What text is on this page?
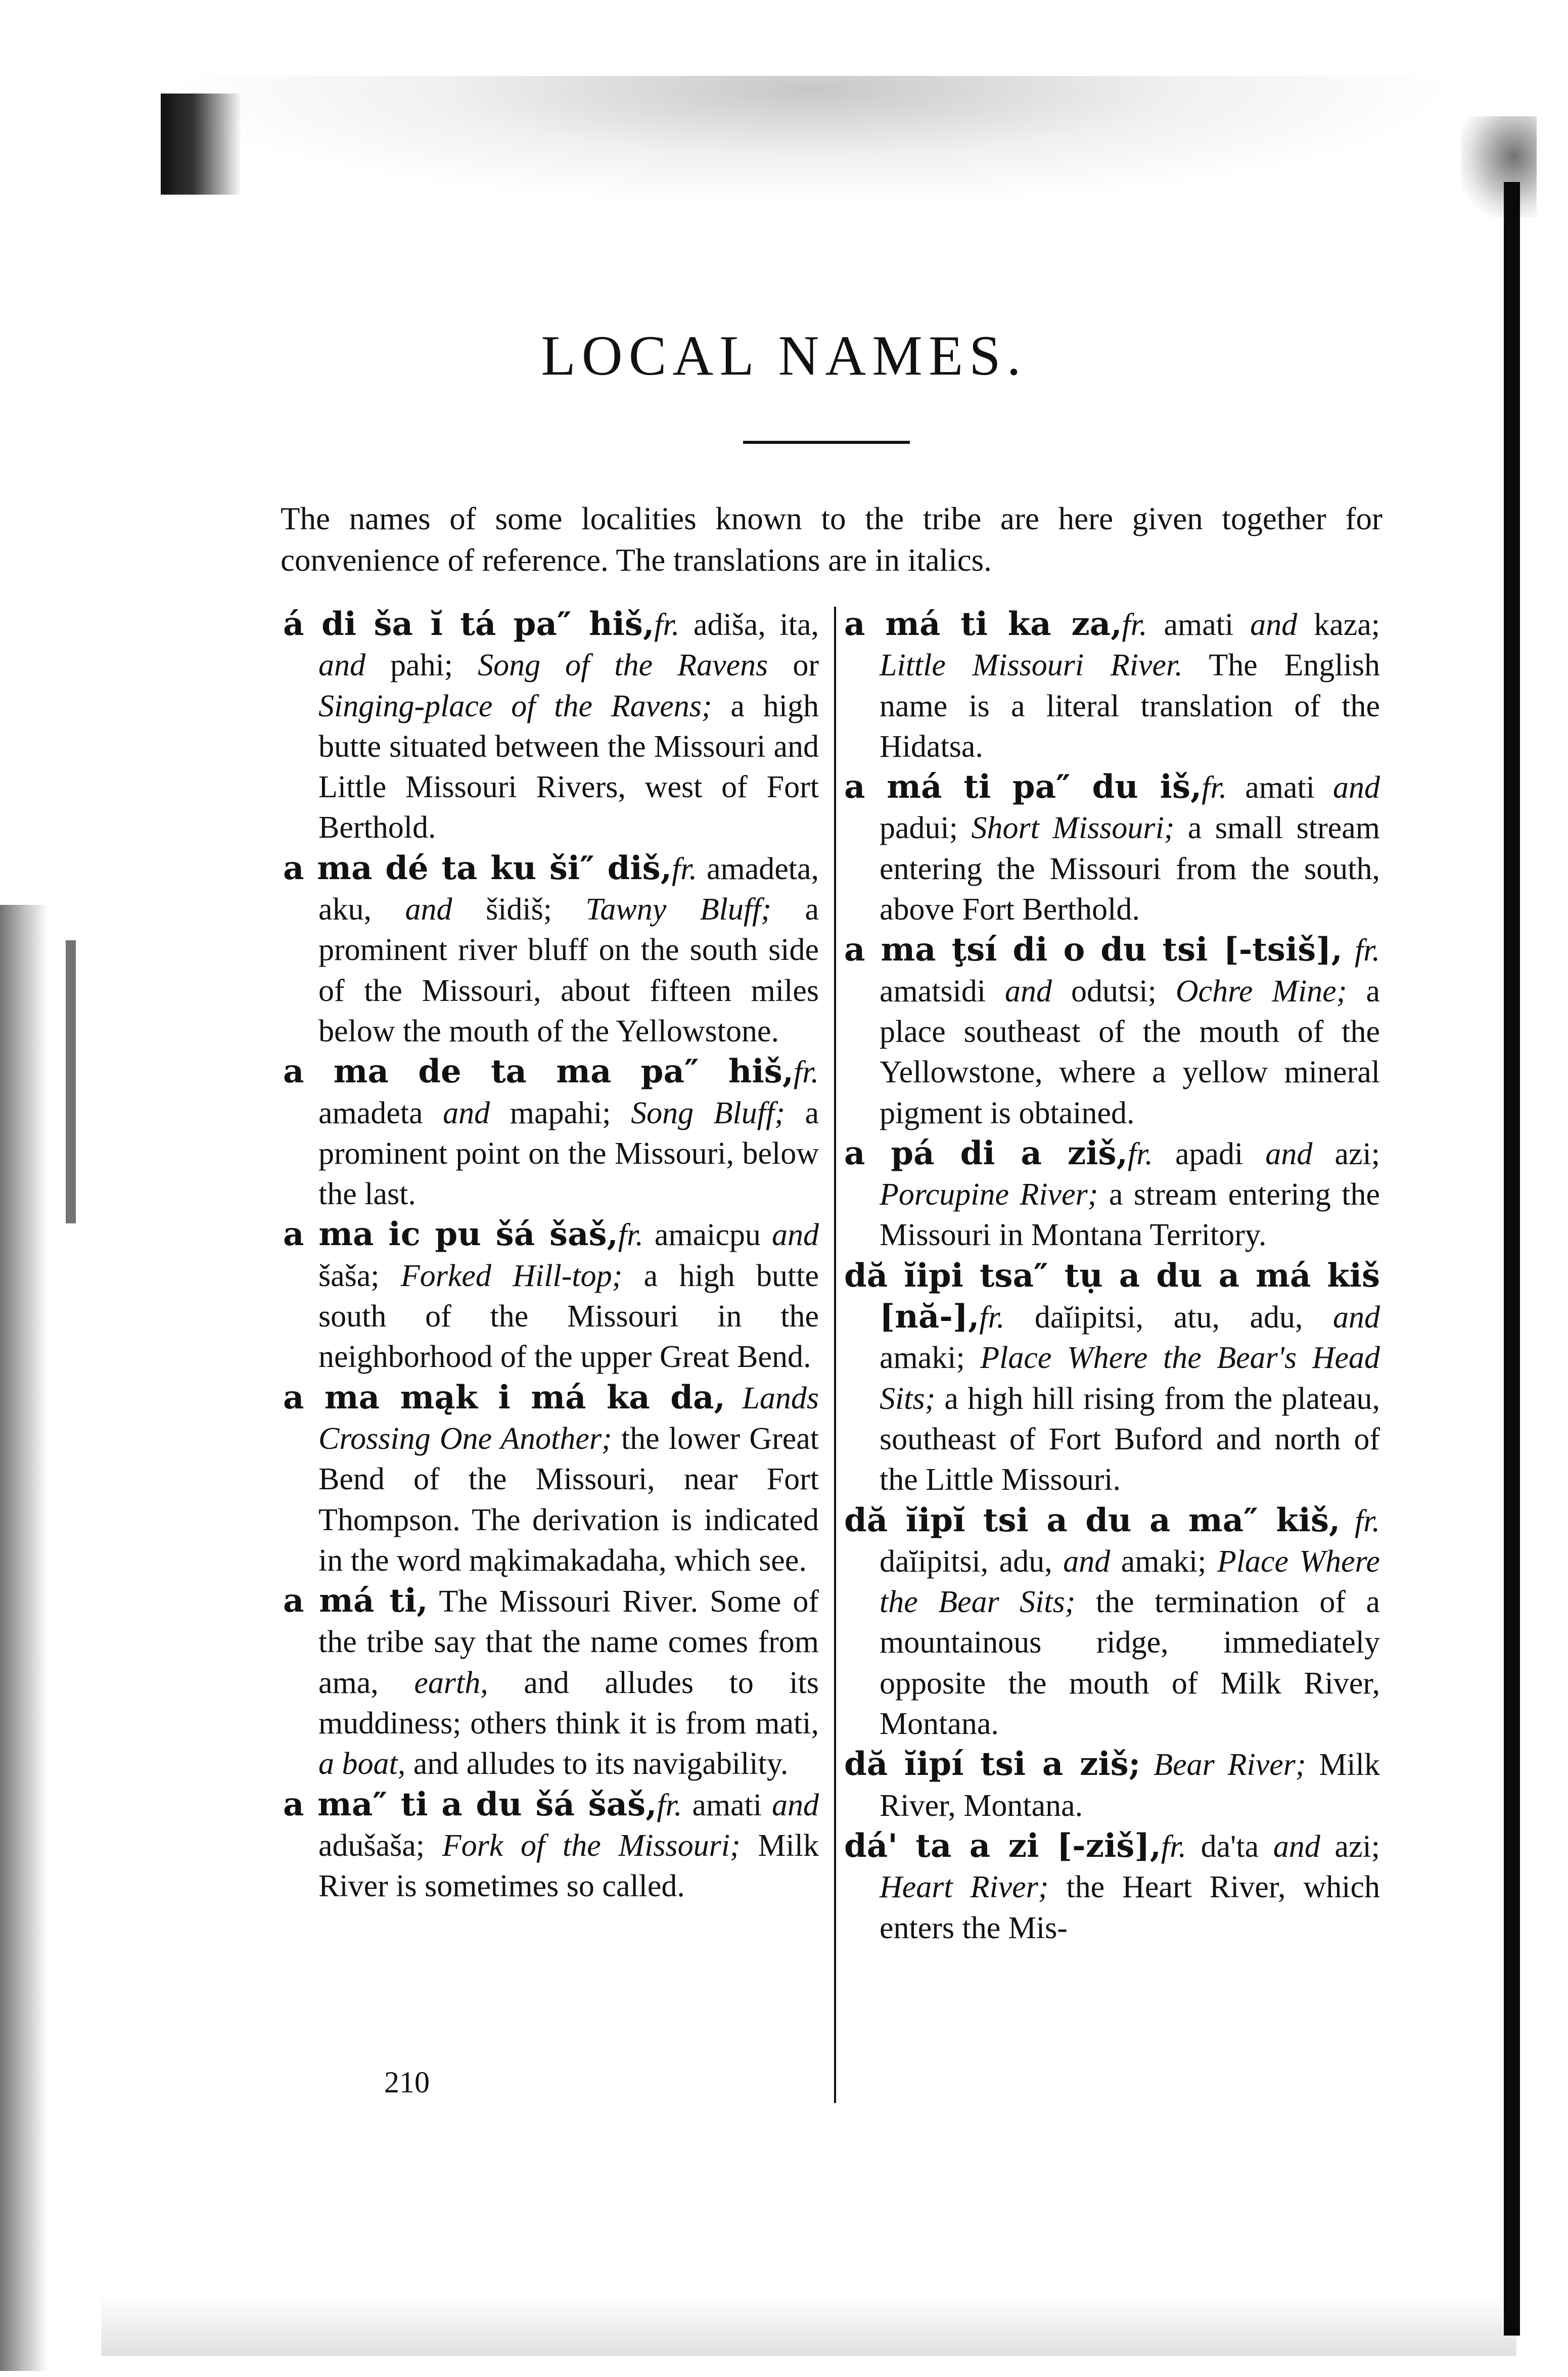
LOCAL NAMES.

The names of some localities known to the tribe are here given together for convenience of reference. The translations are in italics.

á di ša ĭ tá pa″ hiš,fr. adiša, ita, and pahi; Song of the Ravens or Singing-place of the Ravens; a high butte situated between the Missouri and Little Missouri Rivers, west of Fort Berthold.

a ma dé ta ku ši″ diš,fr. amadeta, aku, and šidiš; Tawny Bluff; a prominent river bluff on the south side of the Missouri, about fifteen miles below the mouth of the Yellowstone.

a ma de ta ma pa″ hiš,fr. amadeta and mapahi; Song Bluff; a prominent point on the Missouri, below the last.

a ma ic pu šá šaš,fr. amaicpu and šaša; Forked Hill-top; a high butte south of the Missouri in the neighborhood of the upper Great Bend.

a ma mąk i má ka da, Lands Crossing One Another; the lower Great Bend of the Missouri, near Fort Thompson. The derivation is indicated in the word mąkimakadaha, which see.

a má ti, The Missouri River. Some of the tribe say that the name comes from ama, earth, and alludes to its muddiness; others think it is from mati, a boat, and alludes to its navigability.

a ma″ ti a du šá šaš,fr. amati and adušaša; Fork of the Missouri; Milk River is sometimes so called.

a má ti ka za,fr. amati and kaza; Little Missouri River. The English name is a literal translation of the Hidatsa.

a má ti pa″ du iš,fr. amati and padui; Short Missouri; a small stream entering the Missouri from the south, above Fort Berthold.

a ma ţsí di o du tsi [-tsiš], fr. amatsidi and odutsi; Ochre Mine; a place southeast of the mouth of the Yellowstone, where a yellow mineral pigment is obtained.

a pá di a ziš,fr. apadi and azi; Porcupine River; a stream entering the Missouri in Montana Territory.

dă ĭipi tsa″ tụ a du a má kiš [nă-],fr. daĭipitsi, atu, adu, and amaki; Place Where the Bear's Head Sits; a high hill rising from the plateau, southeast of Fort Buford and north of the Little Missouri.

dă ĭipĭ tsi a du a ma″ kiš, fr. daĭipitsi, adu, and amaki; Place Where the Bear Sits; the termination of a mountainous ridge, immediately opposite the mouth of Milk River, Montana.

dă ĭipí tsi a ziš; Bear River; Milk River, Montana.

dá' ta a zi [-ziš],fr. da'ta and azi; Heart River; the Heart River, which enters the Mis-

210
